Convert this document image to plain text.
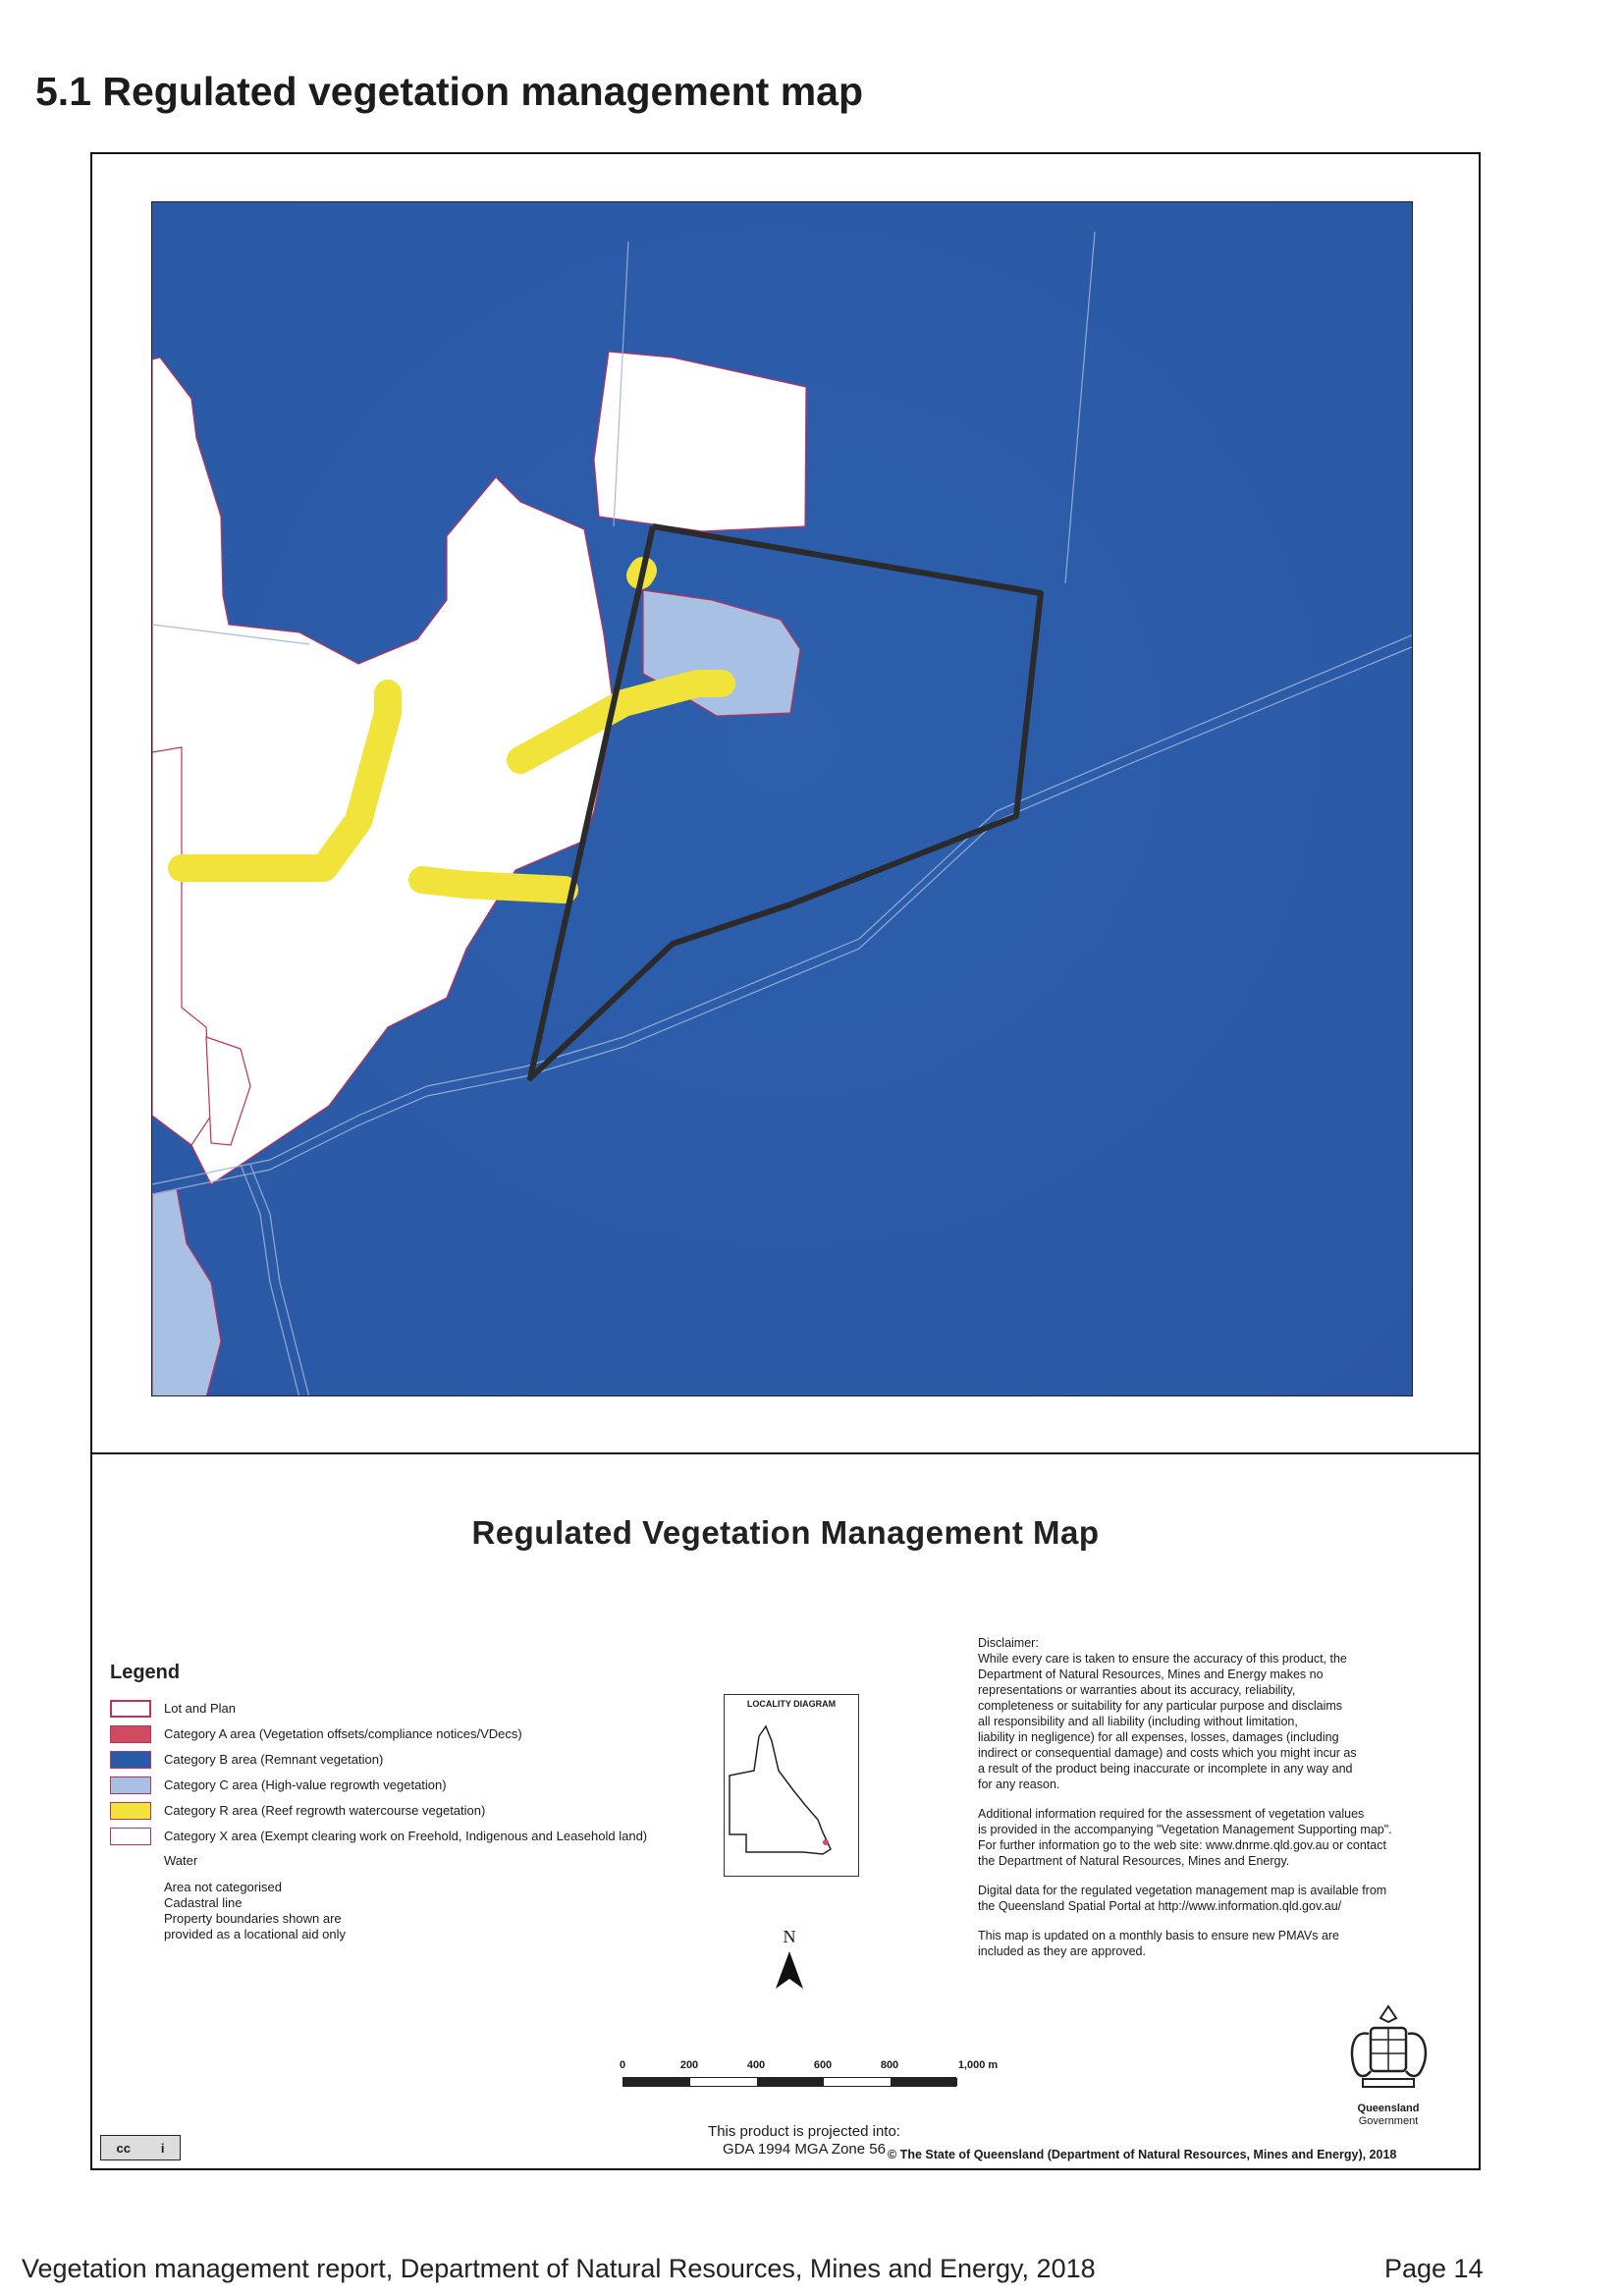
5.1 Regulated vegetation management map
Regulated Vegetation Management Map
Legend
Lot and Plan
Category A area (Vegetation offsets/compliance notices/VDecs)
Category B area (Remnant vegetation)
Category C area (High-value regrowth vegetation)
Category R area (Reef regrowth watercourse vegetation)
Category X area (Exempt clearing work on Freehold, Indigenous and Leasehold land)
Water
Area not categorised
Cadastral line
Property boundaries shown are
provided as a locational aid only
LOCALITY DIAGRAM
N
0	200	400	600	800	1,000 m
This product is projected into:
GDA 1994 MGA Zone 56

Disclaimer:
While every care is taken to ensure the accuracy of this product, the
Department of Natural Resources, Mines and Energy makes no
representations or warranties about its accuracy, reliability,
completeness or suitability for any particular purpose and disclaims
all responsibility and all liability (including without limitation,
liability in negligence) for all expenses, losses, damages (including
indirect or consequential damage) and costs which you might incur as
a result of the product being inaccurate or incomplete in any way and
for any reason.

Additional information required for the assessment of vegetation values
is provided in the accompanying "Vegetation Management Supporting map".
For further information go to the web site: www.dnrme.qld.gov.au or contact
the Department of Natural Resources, Mines and Energy.

Digital data for the regulated vegetation management map is available from
the Queensland Spatial Portal at http://www.information.qld.gov.au/

This map is updated on a monthly basis to ensure new PMAVs are
included as they are approved.

Queensland
Government
cc i	© The State of Queensland (Department of Natural Resources, Mines and Energy), 2018
Vegetation management report, Department of Natural Resources, Mines and Energy, 2018	Page 14
